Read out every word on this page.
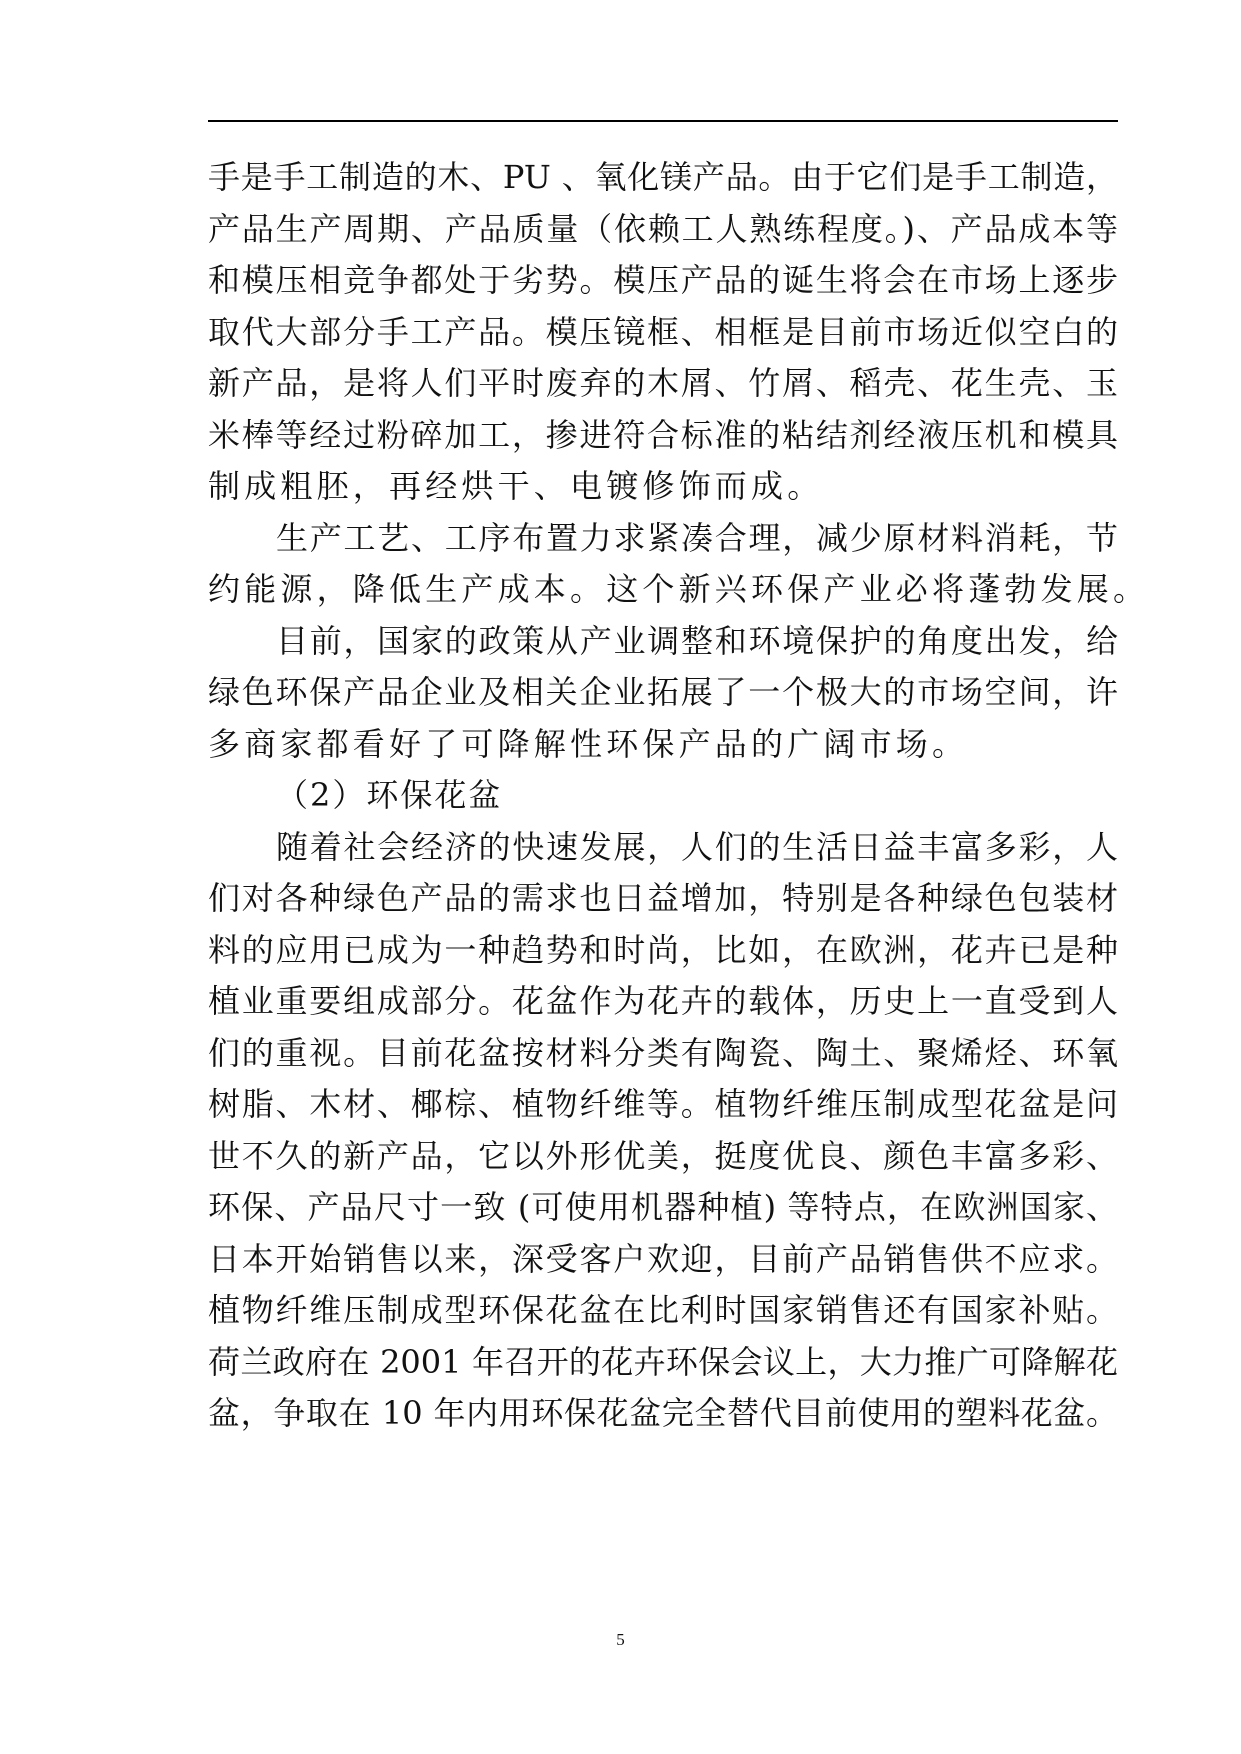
手是手工制造的木、PU 、氧化镁产品。由于它们是手工制造，
产品生产周期、产品质量（依赖工人熟练程度。)、产品成本等
和模压相竞争都处于劣势。模压产品的诞生将会在市场上逐步
取代大部分手工产品。模压镜框、相框是目前市场近似空白的
新产品，是将人们平时废弃的木屑、竹屑、稻壳、花生壳、玉
米棒等经过粉碎加工，掺进符合标准的粘结剂经液压机和模具
制成粗胚，再经烘干、电镀修饰而成。
生产工艺、工序布置力求紧凑合理，减少原材料消耗，节
约能源，降低生产成本。这个新兴环保产业必将蓬勃发展。
目前，国家的政策从产业调整和环境保护的角度出发，给
绿色环保产品企业及相关企业拓展了一个极大的市场空间，许
多商家都看好了可降解性环保产品的广阔市场。
（2）环保花盆
随着社会经济的快速发展，人们的生活日益丰富多彩，人
们对各种绿色产品的需求也日益增加，特别是各种绿色包装材
料的应用已成为一种趋势和时尚，比如，在欧洲，花卉已是种
植业重要组成部分。花盆作为花卉的载体，历史上一直受到人
们的重视。目前花盆按材料分类有陶瓷、陶土、聚烯烃、环氧
树脂、木材、椰棕、植物纤维等。植物纤维压制成型花盆是问
世不久的新产品，它以外形优美，挺度优良、颜色丰富多彩、
环保、产品尺寸一致 (可使用机器种植) 等特点，在欧洲国家、
日本开始销售以来，深受客户欢迎，目前产品销售供不应求。
植物纤维压制成型环保花盆在比利时国家销售还有国家补贴。
荷兰政府在 2001 年召开的花卉环保会议上，大力推广可降解花
盆，争取在 10 年内用环保花盆完全替代目前使用的塑料花盆。
5
